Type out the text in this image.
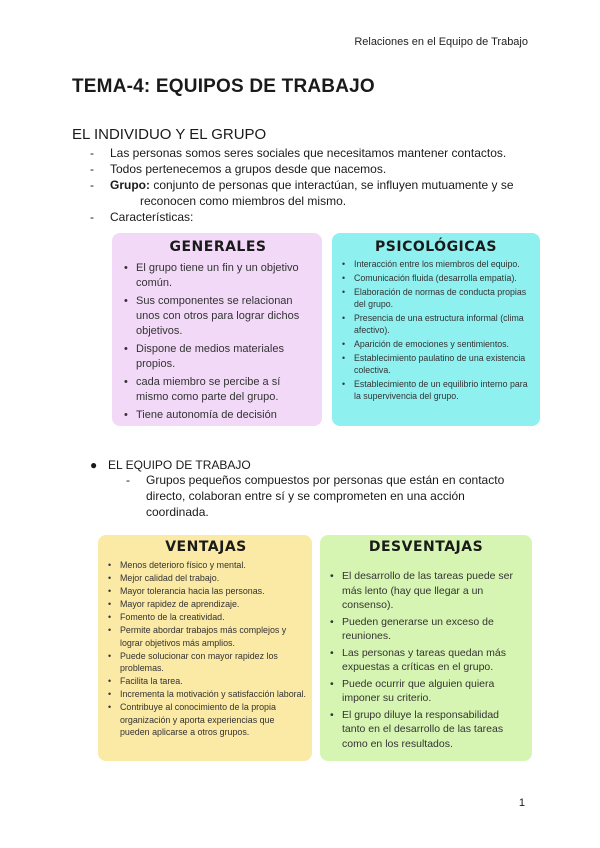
Relaciones en el Equipo de Trabajo
TEMA-4: EQUIPOS DE TRABAJO
EL INDIVIDUO Y EL GRUPO
- Las personas somos seres sociales que necesitamos mantener contactos.
- Todos pertenecemos a grupos desde que nacemos.
- Grupo: conjunto de personas que interactúan, se influyen mutuamente y se
reconocen como miembros del mismo.
- Características:
GENERALES
• El grupo tiene un fin y un objetivo común.
• Sus componentes se relacionan unos con otros para lograr dichos objetivos.
• Dispone de medios materiales propios.
• cada miembro se percibe a sí mismo como parte del grupo.
• Tiene autonomía de decisión
PSICOLÓGICAS
• Interacción entre los miembros del equipo.
• Comunicación fluida (desarrolla empatía).
• Elaboración de normas de conducta propias del grupo.
• Presencia de una estructura informal (clima afectivo).
• Aparición de emociones y sentimientos.
• Establecimiento paulatino de una existencia colectiva.
• Establecimiento de un equilibrio interno para la supervivencia del grupo.
● EL EQUIPO DE TRABAJO
- Grupos pequeños compuestos por personas que están en contacto directo, colaboran entre sí y se comprometen en una acción coordinada.
VENTAJAS
• Menos deterioro físico y mental.
• Mejor calidad del trabajo.
• Mayor tolerancia hacia las personas.
• Mayor rapidez de aprendizaje.
• Fomento de la creatividad.
• Permite abordar trabajos más complejos y lograr objetivos más amplios.
• Puede solucionar con mayor rapidez los problemas.
• Facilita la tarea.
• Incrementa la motivación y satisfacción laboral.
• Contribuye al conocimiento de la propia organización y aporta experiencias que pueden aplicarse a otros grupos.
DESVENTAJAS
• El desarrollo de las tareas puede ser más lento (hay que llegar a un consenso).
• Pueden generarse un exceso de reuniones.
• Las personas y tareas quedan más expuestas a críticas en el grupo.
• Puede ocurrir que alguien quiera imponer su criterio.
• El grupo diluye la responsabilidad tanto en el desarrollo de las tareas como en los resultados.
1
